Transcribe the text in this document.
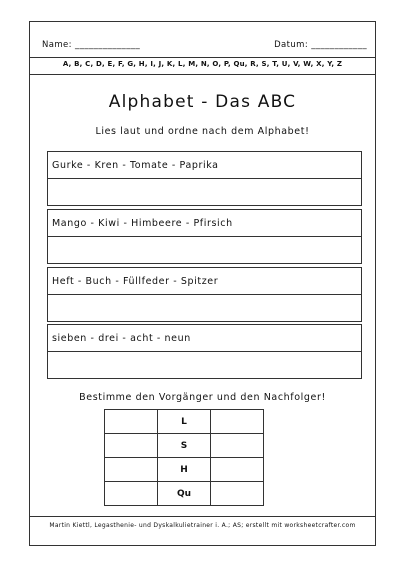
Name: ______________	Datum: ____________
A, B, C, D, E, F, G, H, I, J, K, L, M, N, O, P, Qu, R, S, T, U, V, W, X, Y, Z
Alphabet - Das ABC
Lies laut und ordne nach dem Alphabet!
Gurke - Kren - Tomate - Paprika

Mango - Kiwi - Himbeere - Pfirsich

Heft - Buch - Füllfeder - Spitzer

sieben - drei - acht - neun

Bestimme den Vorgänger und den Nachfolger!
	L	
	S	
	H	
	Qu	
Martin Kiettl, Legasthenie- und Dyskalkulietrainer i. A.; AS; erstellt mit worksheetcrafter.com
